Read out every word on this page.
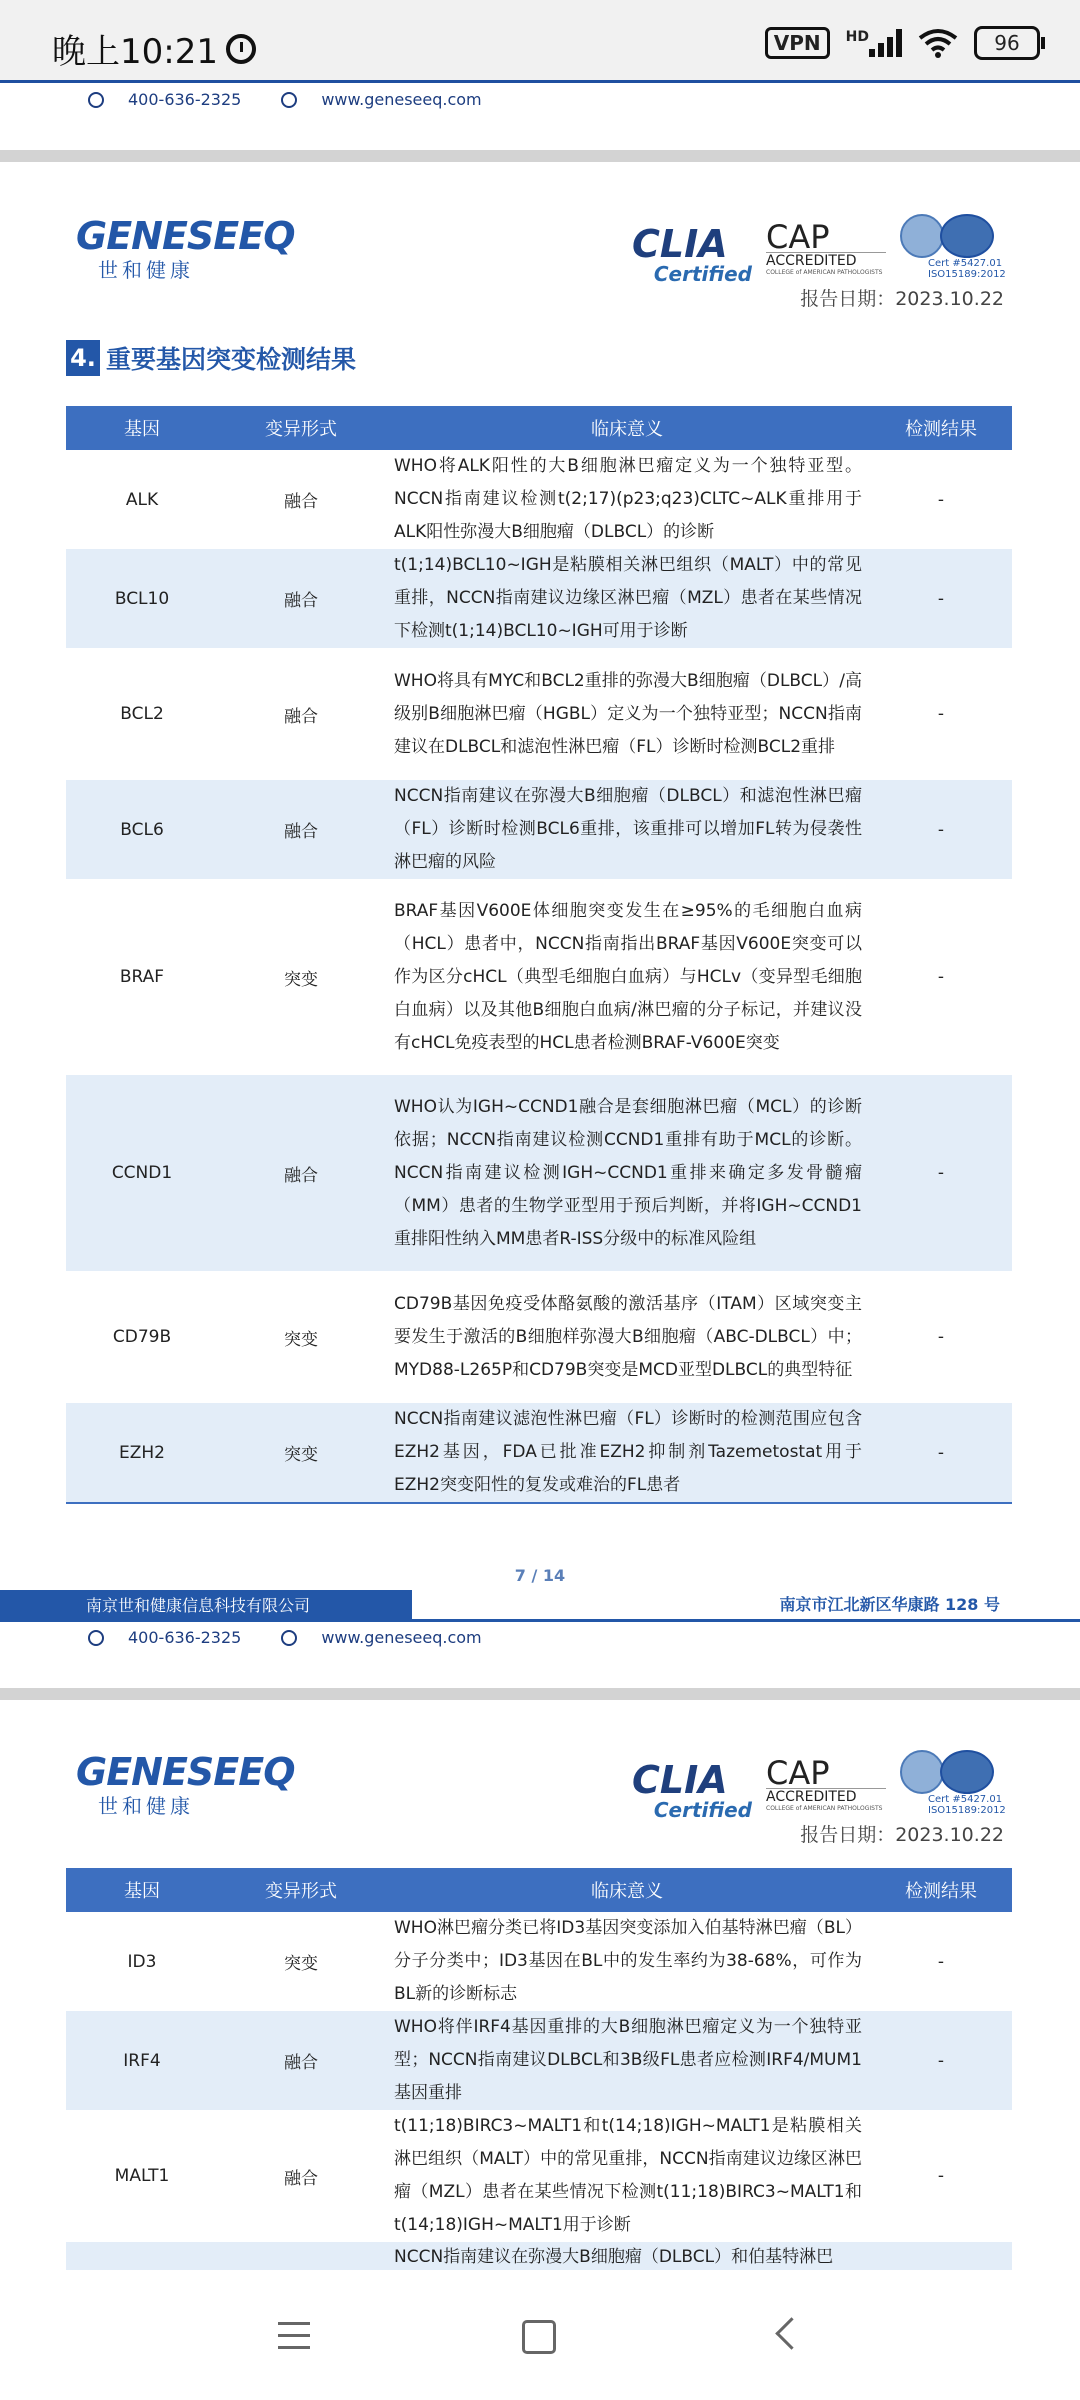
晚上10:21	VPN	HD	96
400-636-2325	www.geneseeq.com
GENESEEQ
世和健康
CLIA
Certified
CAP
ACCREDITED
COLLEGE of AMERICAN PATHOLOGISTS
Cert #5427.01
ISO15189:2012
报告日期：2023.10.22
4. 重要基因突变检测结果
基因	变异形式	临床意义	检测结果
ALK	融合	WHO将ALK阳性的大B细胞淋巴瘤定义为一个独特亚型。NCCN指南建议检测t(2;17)(p23;q23)CLTC~ALK重排用于ALK阳性弥漫大B细胞瘤（DLBCL）的诊断	-
BCL10	融合	t(1;14)BCL10~IGH是粘膜相关淋巴组织（MALT）中的常见重排，NCCN指南建议边缘区淋巴瘤（MZL）患者在某些情况下检测t(1;14)BCL10~IGH可用于诊断	-
BCL2	融合	WHO将具有MYC和BCL2重排的弥漫大B细胞瘤（DLBCL）/高级别B细胞淋巴瘤（HGBL）定义为一个独特亚型；NCCN指南建议在DLBCL和滤泡性淋巴瘤（FL）诊断时检测BCL2重排	-
BCL6	融合	NCCN指南建议在弥漫大B细胞瘤（DLBCL）和滤泡性淋巴瘤（FL）诊断时检测BCL6重排，该重排可以增加FL转为侵袭性淋巴瘤的风险	-
BRAF	突变	BRAF基因V600E体细胞突变发生在≥95%的毛细胞白血病（HCL）患者中，NCCN指南指出BRAF基因V600E突变可以作为区分cHCL（典型毛细胞白血病）与HCLv（变异型毛细胞白血病）以及其他B细胞白血病/淋巴瘤的分子标记，并建议没有cHCL免疫表型的HCL患者检测BRAF-V600E突变	-
CCND1	融合	WHO认为IGH~CCND1融合是套细胞淋巴瘤（MCL）的诊断依据；NCCN指南建议检测CCND1重排有助于MCL的诊断。NCCN指南建议检测IGH~CCND1重排来确定多发骨髓瘤（MM）患者的生物学亚型用于预后判断，并将IGH~CCND1重排阳性纳入MM患者R-ISS分级中的标准风险组	-
CD79B	突变	CD79B基因免疫受体酪氨酸的激活基序（ITAM）区域突变主要发生于激活的B细胞样弥漫大B细胞瘤（ABC-DLBCL）中；MYD88-L265P和CD79B突变是MCD亚型DLBCL的典型特征	-
EZH2	突变	NCCN指南建议滤泡性淋巴瘤（FL）诊断时的检测范围应包含EZH2基因，FDA已批准EZH2抑制剂Tazemetostat用于EZH2突变阳性的复发或难治的FL患者	-
7 / 14
南京世和健康信息科技有限公司	南京市江北新区华康路 128 号
400-636-2325	www.geneseeq.com
GENESEEQ
世和健康
CLIA
Certified
CAP
ACCREDITED
COLLEGE of AMERICAN PATHOLOGISTS
Cert #5427.01
ISO15189:2012
报告日期：2023.10.22
基因	变异形式	临床意义	检测结果
ID3	突变	WHO淋巴瘤分类已将ID3基因突变添加入伯基特淋巴瘤（BL）分子分类中；ID3基因在BL中的发生率约为38-68%，可作为BL新的诊断标志	-
IRF4	融合	WHO将伴IRF4基因重排的大B细胞淋巴瘤定义为一个独特亚型；NCCN指南建议DLBCL和3B级FL患者应检测IRF4/MUM1基因重排	-
MALT1	融合	t(11;18)BIRC3~MALT1和t(14;18)IGH~MALT1是粘膜相关淋巴组织（MALT）中的常见重排，NCCN指南建议边缘区淋巴瘤（MZL）患者在某些情况下检测t(11;18)BIRC3~MALT1和t(14;18)IGH~MALT1用于诊断	-
		NCCN指南建议在弥漫大B细胞瘤（DLBCL）和伯基特淋巴	
